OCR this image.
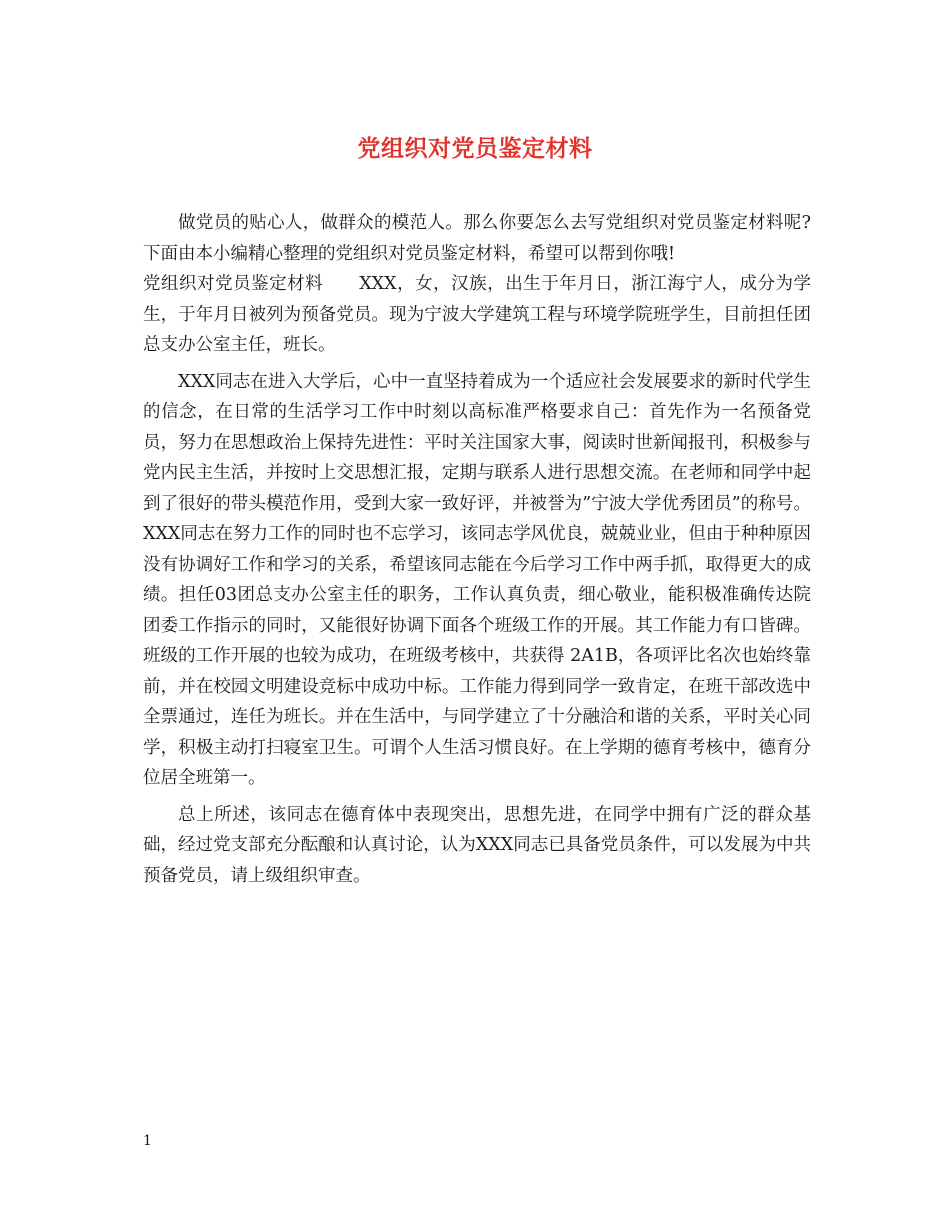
党组织对党员鉴定材料

做党员的贴心人，做群众的模范人。那么你要怎么去写党组织对党员鉴定材料呢?下面由本小编精心整理的党组织对党员鉴定材料，希望可以帮到你哦!

党组织对党员鉴定材料　　XXX，女，汉族，出生于年月日，浙江海宁人，成分为学生，于年月日被列为预备党员。现为宁波大学建筑工程与环境学院班学生，目前担任团总支办公室主任，班长。

XXX同志在进入大学后，心中一直坚持着成为一个适应社会发展要求的新时代学生的信念，在日常的生活学习工作中时刻以高标准严格要求自己：首先作为一名预备党员，努力在思想政治上保持先进性：平时关注国家大事，阅读时世新闻报刊，积极参与党内民主生活，并按时上交思想汇报，定期与联系人进行思想交流。在老师和同学中起到了很好的带头模范作用，受到大家一致好评，并被誉为”宁波大学优秀团员”的称号。XXX同志在努力工作的同时也不忘学习，该同志学风优良，兢兢业业，但由于种种原因没有协调好工作和学习的关系，希望该同志能在今后学习工作中两手抓，取得更大的成绩。担任03团总支办公室主任的职务，工作认真负责，细心敬业，能积极准确传达院团委工作指示的同时，又能很好协调下面各个班级工作的开展。其工作能力有口皆碑。班级的工作开展的也较为成功，在班级考核中，共获得 2A1B，各项评比名次也始终靠前，并在校园文明建设竞标中成功中标。工作能力得到同学一致肯定，在班干部改选中全票通过，连任为班长。并在生活中，与同学建立了十分融洽和谐的关系，平时关心同学，积极主动打扫寝室卫生。可谓个人生活习惯良好。在上学期的德育考核中，德育分位居全班第一。

总上所述，该同志在德育体中表现突出，思想先进，在同学中拥有广泛的群众基础，经过党支部充分酝酿和认真讨论，认为XXX同志已具备党员条件，可以发展为中共预备党员，请上级组织审查。

1
